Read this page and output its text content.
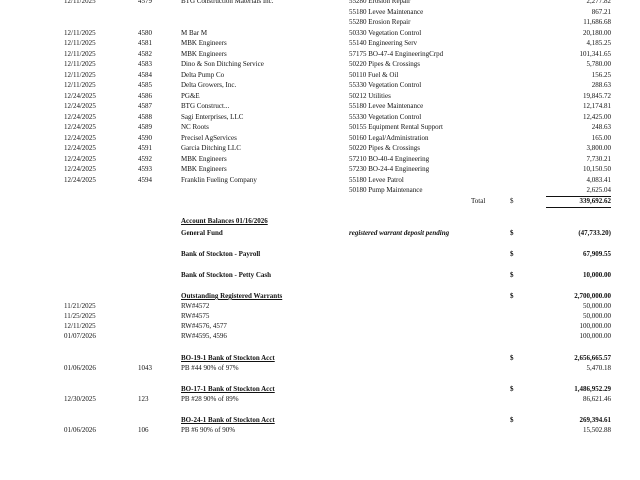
12/11/2025	4579	BTG Construction Materials Inc.	55280 Erosion Repair	2,277.82
55180 Levee Maintenance	867.21
55280 Erosion Repair	11,686.68
12/11/2025	4580	M Bar M	50330 Vegetation Control	20,180.00
12/11/2025	4581	MBK Engineers	55140 Engineering Serv	4,185.25
12/11/2025	4582	MBK Engineers	57175 BO-47-4 EngineeringCrpd	101,341.65
12/11/2025	4583	Dino & Son Ditching Service	50220 Pipes & Crossings	5,780.00
12/11/2025	4584	Delta Pump Co	50110 Fuel & Oil	156.25
12/11/2025	4585	Delta Growers, Inc.	55330 Vegetation Control	288.63
12/24/2025	4586	PG&E	50212 Utilities	19,845.72
12/24/2025	4587	BTG Construct...	55180 Levee Maintenance	12,174.81
12/24/2025	4588	Sagi Enterprises, LLC	55330 Vegetation Control	12,425.00
12/24/2025	4589	NC Roots	50155 Equipment Rental Support	248.63
12/24/2025	4590	Precisel AgServices	50160 Legal/Administration	165.00
12/24/2025	4591	Garcia Ditching LLC	50220 Pipes & Crossings	3,800.00
12/24/2025	4592	MBK Engineers	57210 BO-40-4 Engineering	7,730.21
12/24/2025	4593	MBK Engineers	57230 BO-24-4 Engineering	10,150.50
12/24/2025	4594	Franklin Fueling Company	55180 Levee Patrol	4,083.41
50180 Pump Maintenance	2,625.04
Total	$	339,692.62
Account Balances 01/16/2026
General Fund	registered warrant deposit pending	$	(47,733.20)
Bank of Stockton - Payroll	$	67,909.55
Bank of Stockton - Petty Cash	$	10,000.00
Outstanding Registered Warrants	$	2,700,000.00
11/21/2025	RW#4572	50,000.00
11/25/2025	RW#4575	50,000.00
12/11/2025	RW#4576, 4577	100,000.00
01/07/2026	RW#4595, 4596	100,000.00
BO-19-1 Bank of Stockton Acct	$	2,656,665.57
01/06/2026	1043	PB #44 90% of 97%	5,470.18
BO-17-1 Bank of Stockton Acct	$	1,486,952.29
12/30/2025	123	PB #28 90% of 89%	86,621.46
BO-24-1 Bank of Stockton Acct	$	269,394.61
01/06/2026	106	PB #6 90% of 90%	15,502.88
